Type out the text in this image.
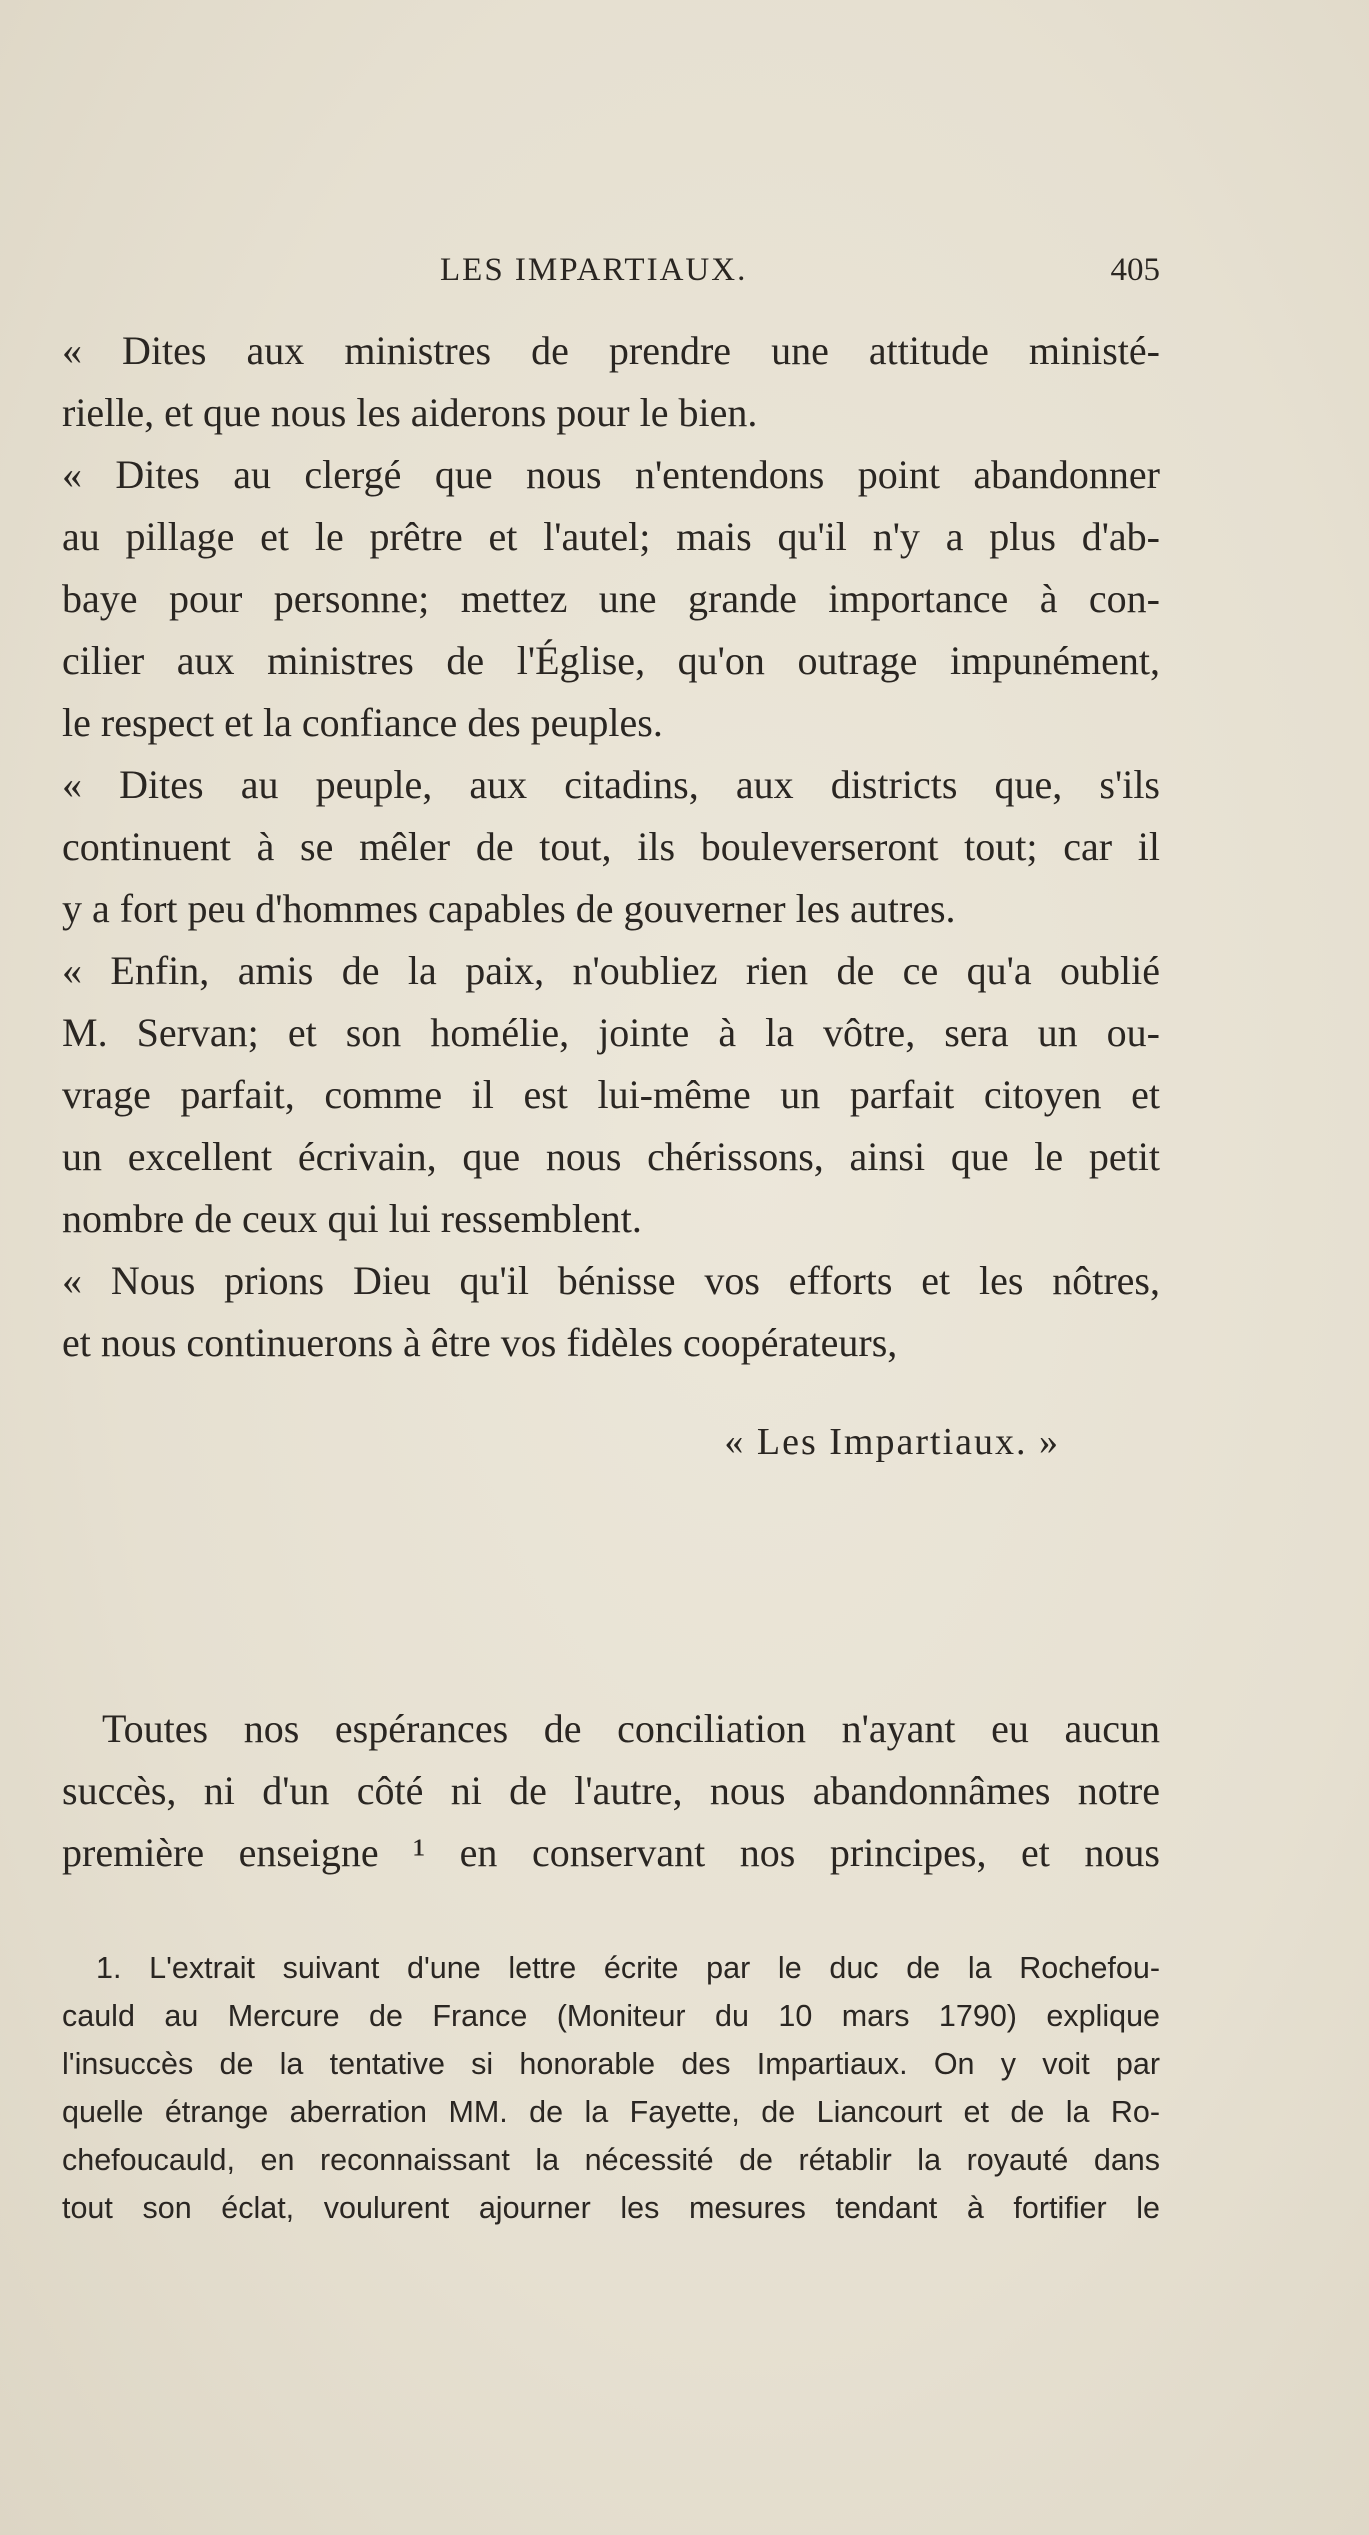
LES IMPARTIAUX.	405
« Dites aux ministres de prendre une attitude ministé-
rielle, et que nous les aiderons pour le bien.
« Dites au clergé que nous n'entendons point abandonner
au pillage et le prêtre et l'autel; mais qu'il n'y a plus d'ab-
baye pour personne; mettez une grande importance à con-
cilier aux ministres de l'Église, qu'on outrage impunément,
le respect et la confiance des peuples.
« Dites au peuple, aux citadins, aux districts que, s'ils
continuent à se mêler de tout, ils bouleverseront tout; car il
y a fort peu d'hommes capables de gouverner les autres.
« Enfin, amis de la paix, n'oubliez rien de ce qu'a oublié
M. Servan; et son homélie, jointe à la vôtre, sera un ou-
vrage parfait, comme il est lui-même un parfait citoyen et
un excellent écrivain, que nous chérissons, ainsi que le petit
nombre de ceux qui lui ressemblent.
« Nous prions Dieu qu'il bénisse vos efforts et les nôtres,
et nous continuerons à être vos fidèles coopérateurs,
« Les Impartiaux. »
Toutes nos espérances de conciliation n'ayant eu aucun
succès, ni d'un côté ni de l'autre, nous abandonnâmes notre
première enseigne ¹ en conservant nos principes, et nous
1. L'extrait suivant d'une lettre écrite par le duc de la Rochefou-
cauld au Mercure de France (Moniteur du 10 mars 1790) explique
l'insuccès de la tentative si honorable des Impartiaux. On y voit par
quelle étrange aberration MM. de la Fayette, de Liancourt et de la Ro-
chefoucauld, en reconnaissant la nécessité de rétablir la royauté dans
tout son éclat, voulurent ajourner les mesures tendant à fortifier le
